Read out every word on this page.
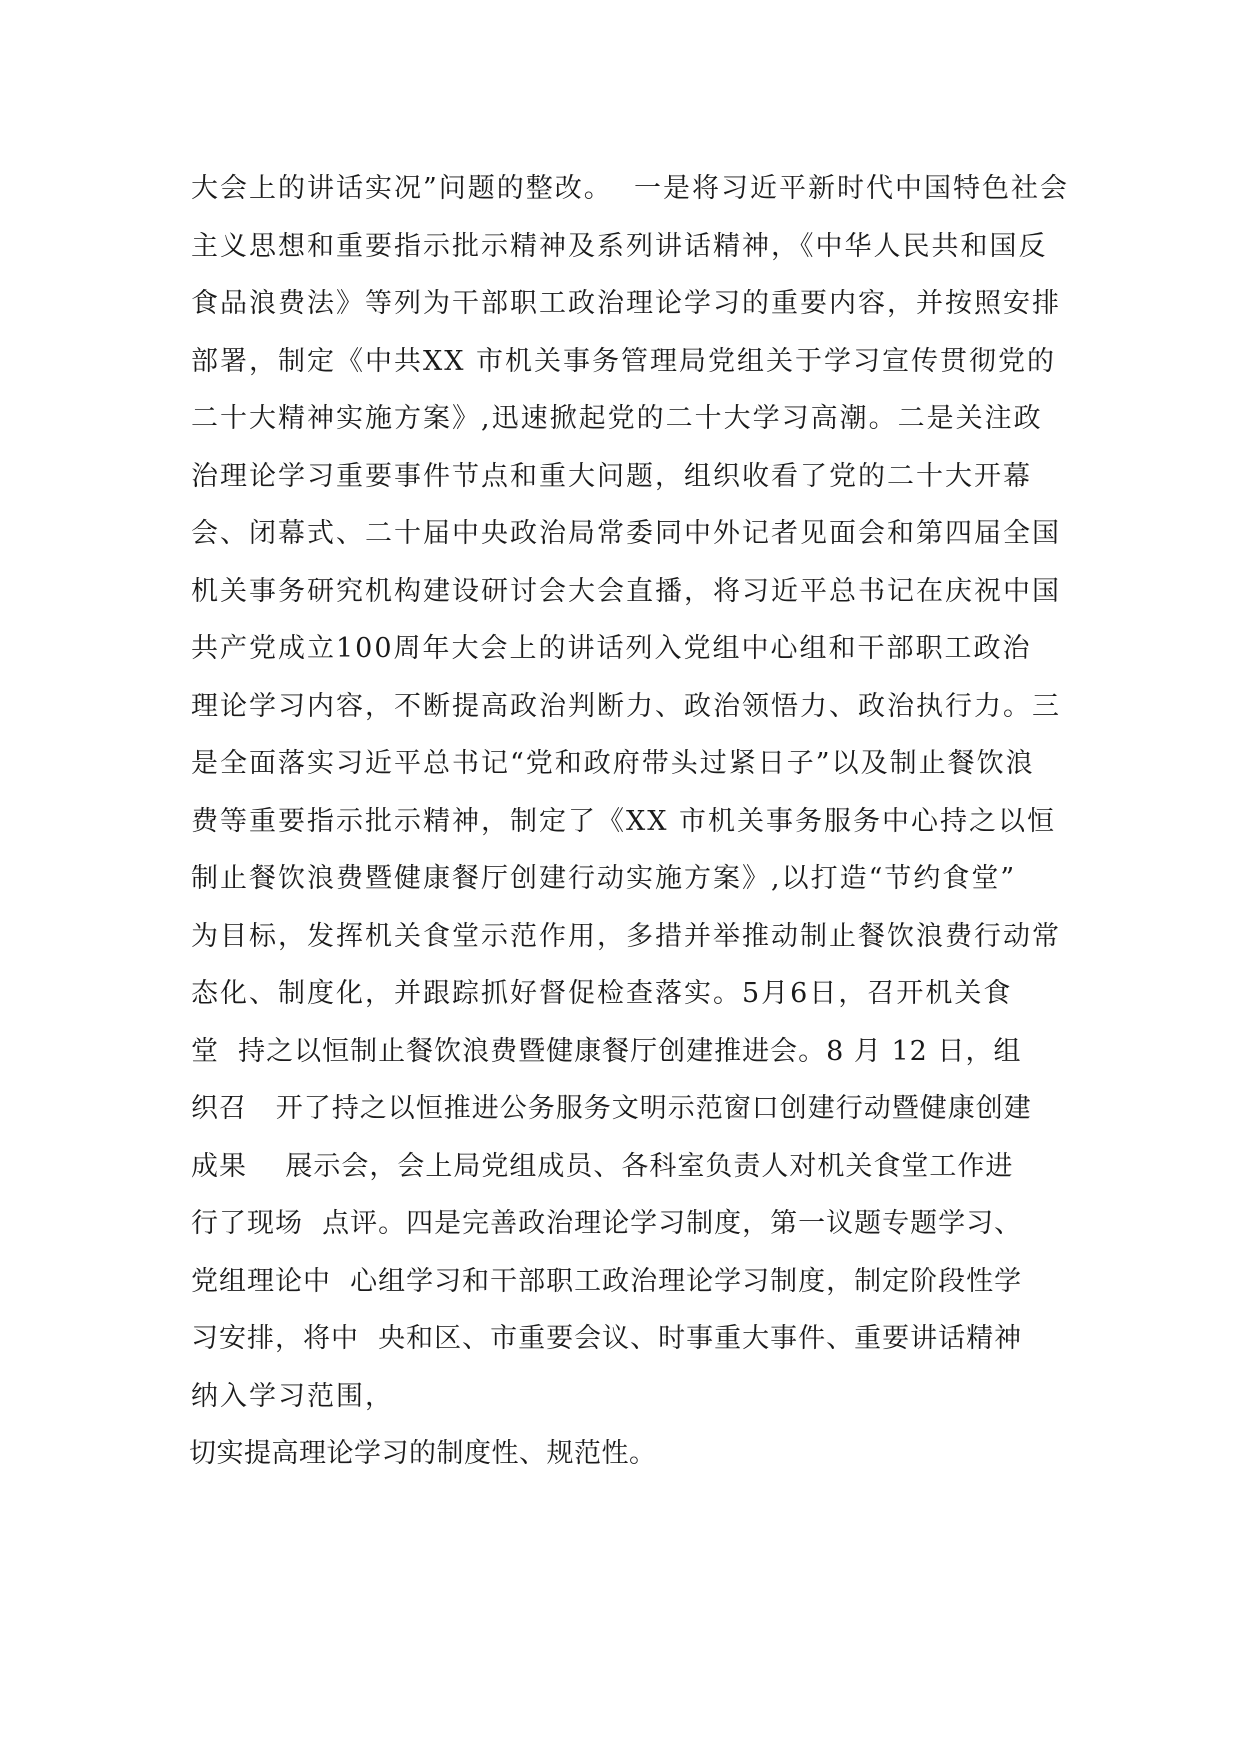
大会上的讲话实况”问题的整改。  一是将习近平新时代中国特色社会
主义思想和重要指示批示精神及系列讲话精神，《中华人民共和国反
食品浪费法》等列为干部职工政治理论学习的重要内容，并按照安排
部署，制定《中共XX 市机关事务管理局党组关于学习宣传贯彻党的
二十大精神实施方案》,迅速掀起党的二十大学习高潮。二是关注政
治理论学习重要事件节点和重大问题，组织收看了党的二十大开幕
会、闭幕式、二十届中央政治局常委同中外记者见面会和第四届全国
机关事务研究机构建设研讨会大会直播，将习近平总书记在庆祝中国
共产党成立100周年大会上的讲话列入党组中心组和干部职工政治
理论学习内容，不断提高政治判断力、政治领悟力、政治执行力。三
是全面落实习近平总书记“党和政府带头过紧日子”以及制止餐饮浪
费等重要指示批示精神，制定了《XX 市机关事务服务中心持之以恒
制止餐饮浪费暨健康餐厅创建行动实施方案》,以打造“节约食堂”
为目标，发挥机关食堂示范作用，多措并举推动制止餐饮浪费行动常
态化、制度化，并跟踪抓好督促检查落实。5月6日，召开机关食
堂  持之以恒制止餐饮浪费暨健康餐厅创建推进会。8 月 12 日，组
织召   开了持之以恒推进公务服务文明示范窗口创建行动暨健康创建
成果    展示会，会上局党组成员、各科室负责人对机关食堂工作进
行了现场  点评。四是完善政治理论学习制度，第一议题专题学习、
党组理论中  心组学习和干部职工政治理论学习制度，制定阶段性学
习安排，将中  央和区、市重要会议、时事重大事件、重要讲话精神
纳入学习范围，
切实提高理论学习的制度性、规范性。
